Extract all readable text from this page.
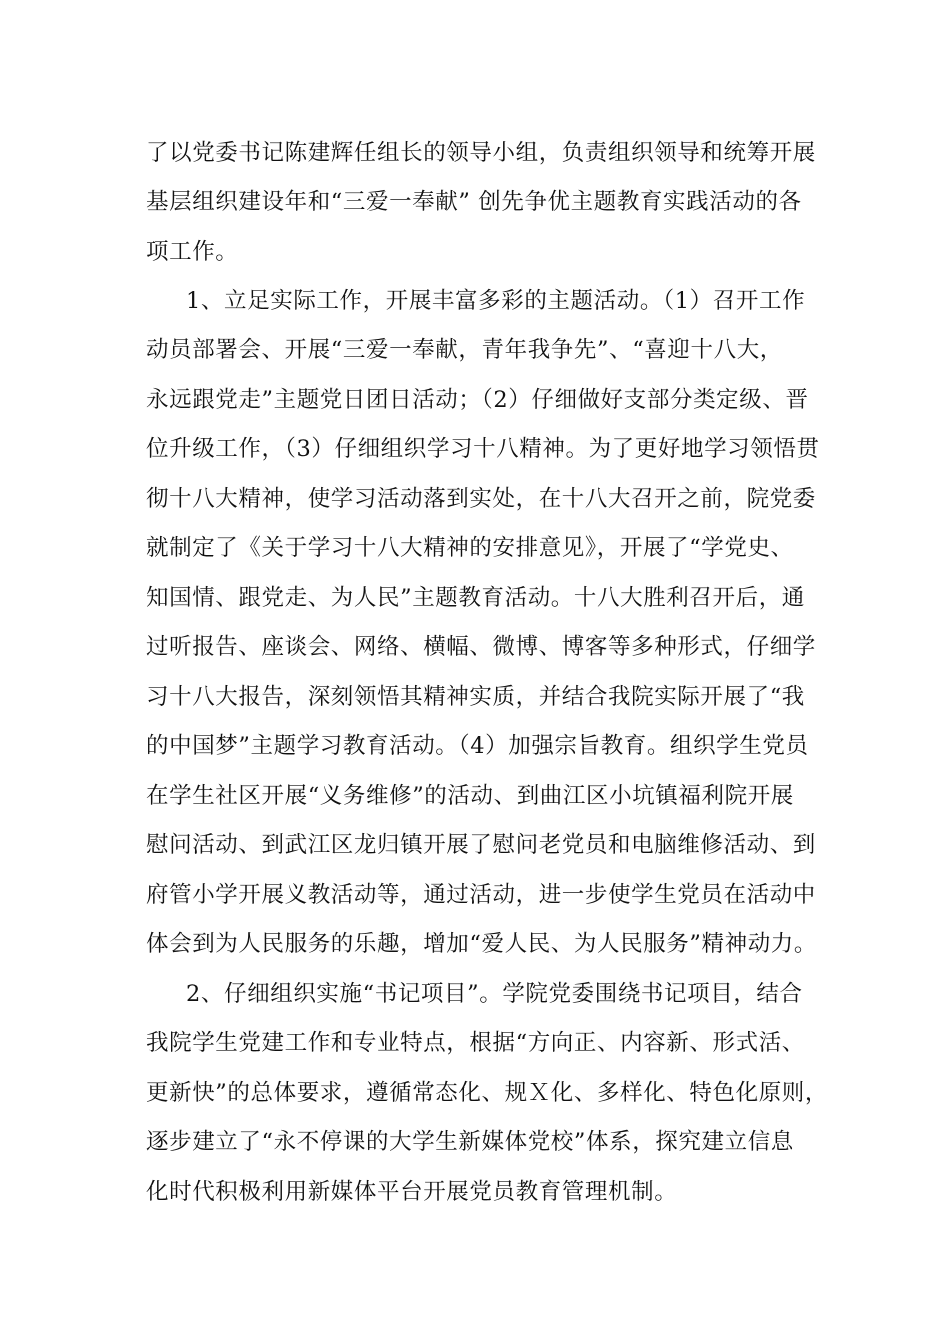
了以党委书记陈建辉任组长的领导小组，负责组织领导和统筹开展
基层组织建设年和“三爱一奉献” 创先争优主题教育实践活动的各
项工作。
1、立足实际工作，开展丰富多彩的主题活动。（1）召开工作
动员部署会、开展“三爱一奉献，青年我争先”、“喜迎十八大，
永远跟党走”主题党日团日活动；（2）仔细做好支部分类定级、晋
位升级工作，（3）仔细组织学习十八精神。为了更好地学习领悟贯
彻十八大精神，使学习活动落到实处，在十八大召开之前，院党委
就制定了《关于学习十八大精神的安排意见》，开展了“学党史、
知国情、跟党走、为人民”主题教育活动。十八大胜利召开后，通
过听报告、座谈会、网络、横幅、微博、博客等多种形式，仔细学
习十八大报告，深刻领悟其精神实质，并结合我院实际开展了“我
的中国梦”主题学习教育活动。（4）加强宗旨教育。组织学生党员
在学生社区开展“义务维修”的活动、到曲江区小坑镇福利院开展
慰问活动、到武江区龙归镇开展了慰问老党员和电脑维修活动、到
府管小学开展义教活动等，通过活动，进一步使学生党员在活动中
体会到为人民服务的乐趣，增加“爱人民、为人民服务”精神动力。
2、仔细组织实施“书记项目”。学院党委围绕书记项目，结合
我院学生党建工作和专业特点，根据“方向正、内容新、形式活、
更新快”的总体要求，遵循常态化、规Ｘ化、多样化、特色化原则，
逐步建立了“永不停课的大学生新媒体党校”体系，探究建立信息
化时代积极利用新媒体平台开展党员教育管理机制。
